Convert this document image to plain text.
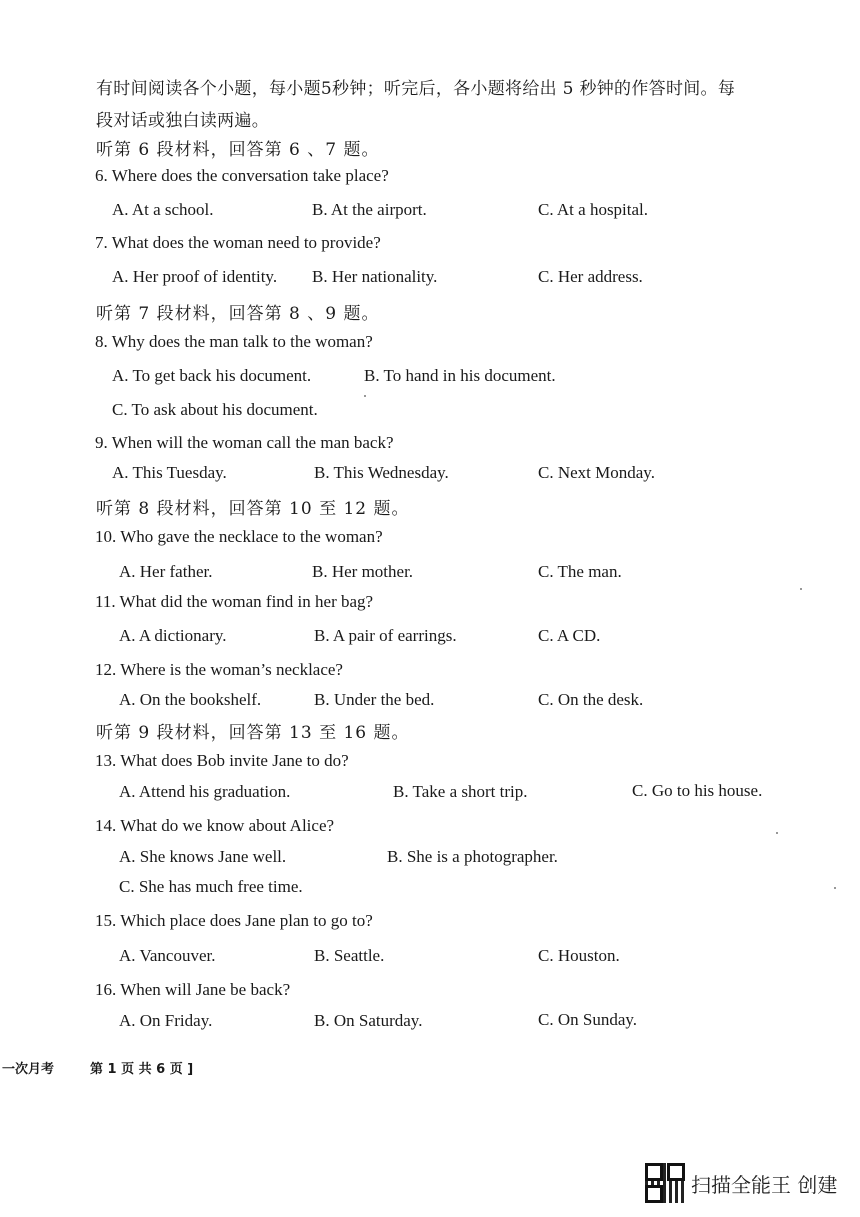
有时间阅读各个小题，每小题5秒钟；听完后，各小题将给出 5 秒钟的作答时间。每
段对话或独白读两遍。
听第 6 段材料，回答第 6 、7 题。
6. Where does the conversation take place?
A. At a school.	B. At the airport.	C. At a hospital.
7. What does the woman need to provide?
A. Her proof of identity. B. Her nationality.	C. Her address.
听第 7 段材料，回答第 8 、9 题。
8. Why does the man talk to the woman?
A. To get back his document.	B. To hand in his document.
C. To ask about his document.
9. When will the woman call the man back?
A. This Tuesday.	B. This Wednesday.	C. Next Monday.
听第 8 段材料，回答第 10 至 12 题。
10. Who gave the necklace to the woman?
A. Her father.	B. Her mother.	C. The man.
11. What did the woman find in her bag?
A. A dictionary.	B. A pair of earrings.	C. A CD.
12. Where is the woman’s necklace?
A. On the bookshelf.	B. Under the bed.	C. On the desk.
听第 9 段材料，回答第 13 至 16 题。
13. What does Bob invite Jane to do?
A. Attend his graduation.	B. Take a short trip.	C. Go to his house.
14. What do we know about Alice?
A. She knows Jane well.	B. She is a photographer.
C. She has much free time.
15. Which place does Jane plan to go to?
A. Vancouver.	B. Seattle.	C. Houston.
16. When will Jane be back?
A. On Friday.	B. On Saturday.	C. On Sunday.
一次月考	第 1 页 共 6 页 ]
扫描全能王 创建
